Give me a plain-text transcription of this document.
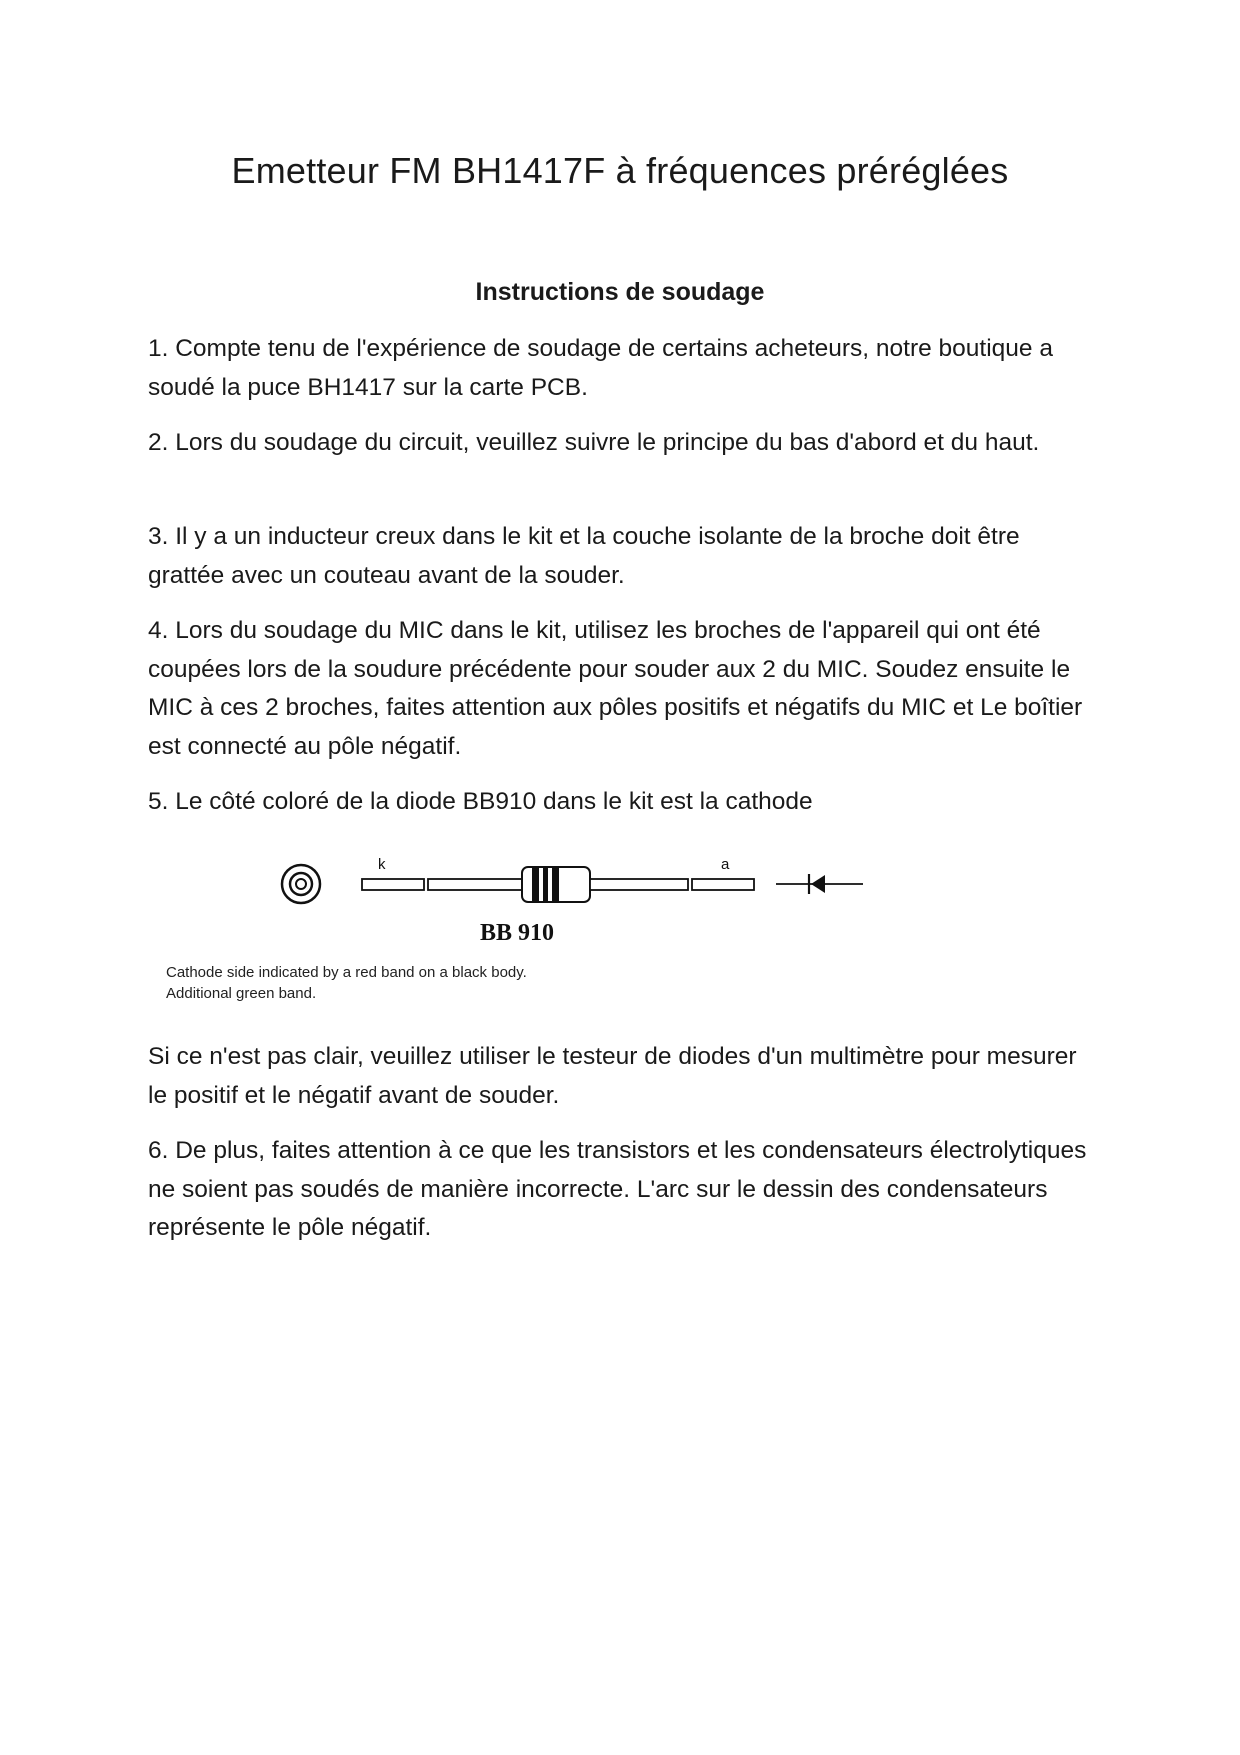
Emetteur FM BH1417F à fréquences préréglées
Instructions de soudage

1. Compte tenu de l'expérience de soudage de certains acheteurs, notre boutique a soudé la puce BH1417 sur la carte PCB.

2. Lors du soudage du circuit, veuillez suivre le principe du bas d'abord et du haut.

3. Il y a un inducteur creux dans le kit et la couche isolante de la broche doit être grattée avec un couteau avant de la souder.

4. Lors du soudage du MIC dans le kit, utilisez les broches de l'appareil qui ont été coupées lors de la soudure précédente pour souder aux 2 du MIC. Soudez ensuite le MIC à ces 2 broches, faites attention aux pôles positifs et négatifs du MIC et Le boîtier est connecté au pôle négatif.

5. Le côté coloré de la diode BB910 dans le kit est la cathode

k	a
BB 910
Cathode side indicated by a red band on a black body.
Additional green band.

Si ce n'est pas clair, veuillez utiliser le testeur de diodes d'un multimètre pour mesurer le positif et le négatif avant de souder.

6. De plus, faites attention à ce que les transistors et les condensateurs électrolytiques ne soient pas soudés de manière incorrecte. L'arc sur le dessin des condensateurs représente le pôle négatif.
